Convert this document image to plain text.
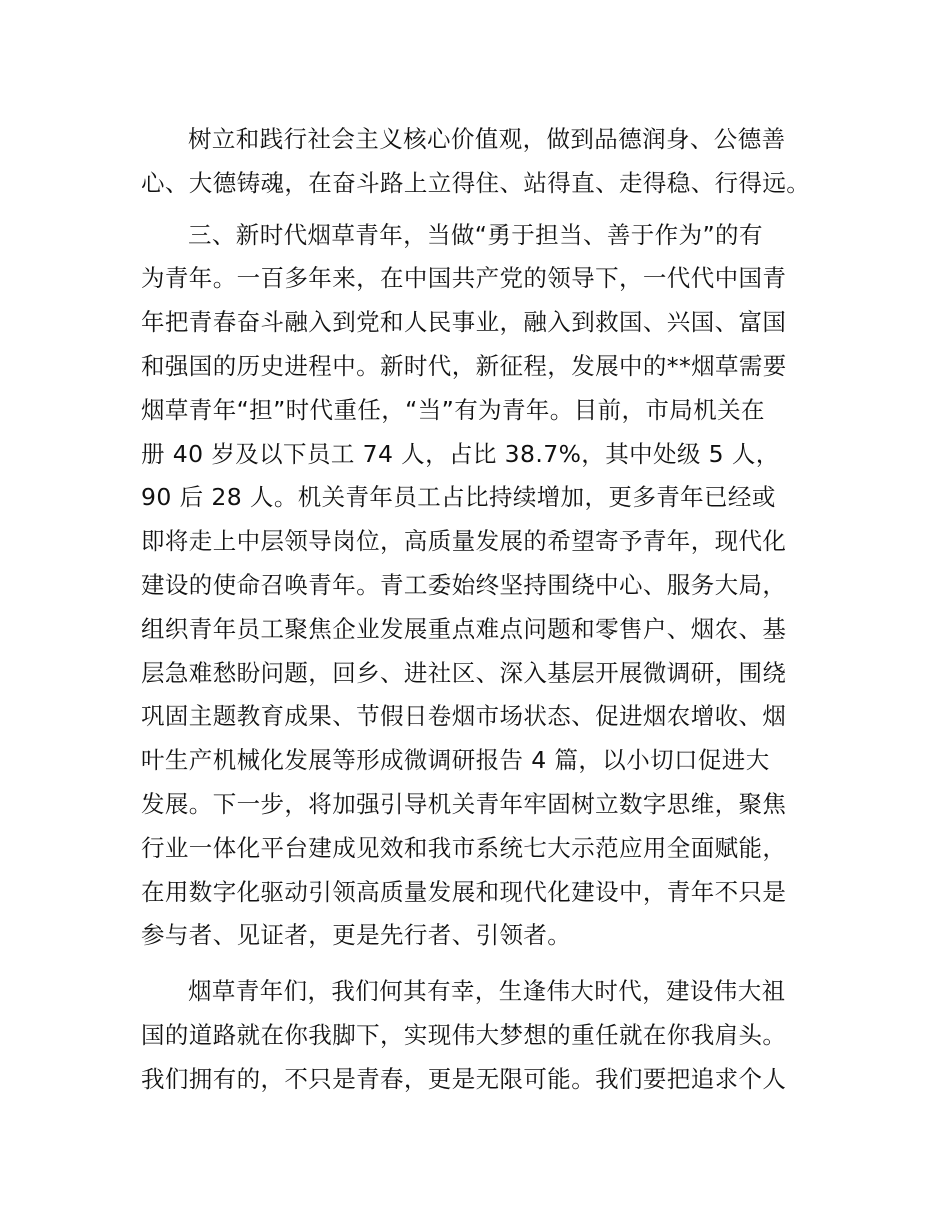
树立和践行社会主义核心价值观，做到品德润身、公德善
心、大德铸魂，在奋斗路上立得住、站得直、走得稳、行得远。

三、新时代烟草青年，当做“勇于担当、善于作为”的有
为青年。一百多年来，在中国共产党的领导下，一代代中国青
年把青春奋斗融入到党和人民事业，融入到救国、兴国、富国
和强国的历史进程中。新时代，新征程，发展中的**烟草需要
烟草青年“担”时代重任，“当”有为青年。目前，市局机关在
册 40 岁及以下员工 74 人，占比 38.7%，其中处级 5 人，
90 后 28 人。机关青年员工占比持续增加，更多青年已经或
即将走上中层领导岗位，高质量发展的希望寄予青年，现代化
建设的使命召唤青年。青工委始终坚持围绕中心、服务大局，
组织青年员工聚焦企业发展重点难点问题和零售户、烟农、基
层急难愁盼问题，回乡、进社区、深入基层开展微调研，围绕
巩固主题教育成果、节假日卷烟市场状态、促进烟农增收、烟
叶生产机械化发展等形成微调研报告 4 篇，以小切口促进大
发展。下一步，将加强引导机关青年牢固树立数字思维，聚焦
行业一体化平台建成见效和我市系统七大示范应用全面赋能，
在用数字化驱动引领高质量发展和现代化建设中，青年不只是
参与者、见证者，更是先行者、引领者。

烟草青年们，我们何其有幸，生逢伟大时代，建设伟大祖
国的道路就在你我脚下，实现伟大梦想的重任就在你我肩头。
我们拥有的，不只是青春，更是无限可能。我们要把追求个人
